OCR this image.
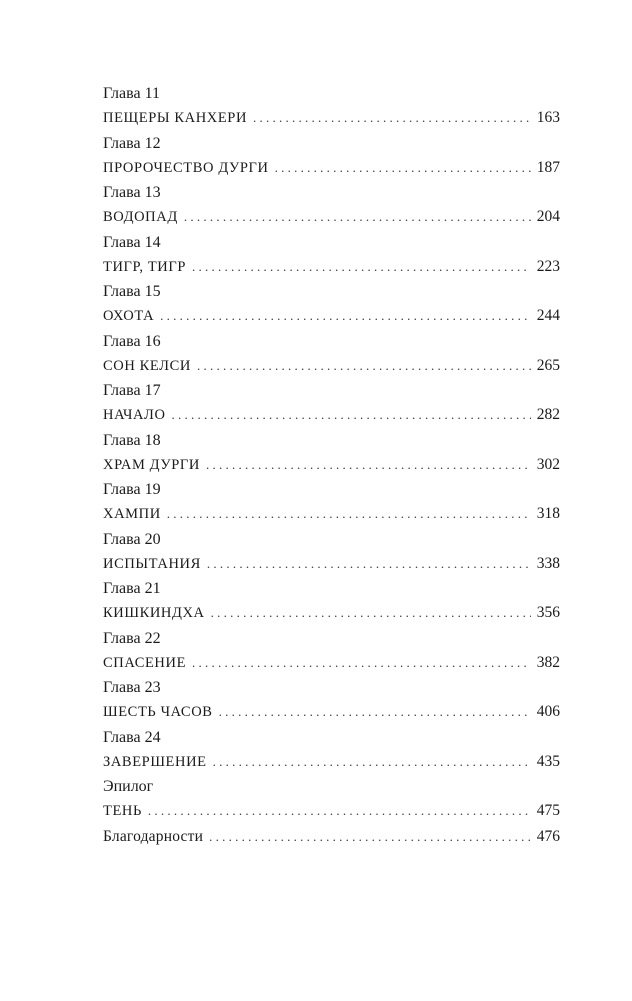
Глава 11
ПЕЩЕРЫ КАНХЕРИ . . .	163
Глава 12
ПРОРОЧЕСТВО ДУРГИ . . .	187
Глава 13
ВОДОПАД . . .	204
Глава 14
ТИГР, ТИГР . . .	223
Глава 15
ОХОТА . . .	244
Глава 16
СОН КЕЛСИ . . .	265
Глава 17
НАЧАЛО . . .	282
Глава 18
ХРАМ ДУРГИ . . .	302
Глава 19
ХАМПИ . . .	318
Глава 20
ИСПЫТАНИЯ . . .	338
Глава 21
КИШКИНДХА . . .	356
Глава 22
СПАСЕНИЕ . . .	382
Глава 23
ШЕСТЬ ЧАСОВ . . .	406
Глава 24
ЗАВЕРШЕНИЕ . . .	435
Эпилог
ТЕНЬ . . .	475
Благодарности . . .	476
